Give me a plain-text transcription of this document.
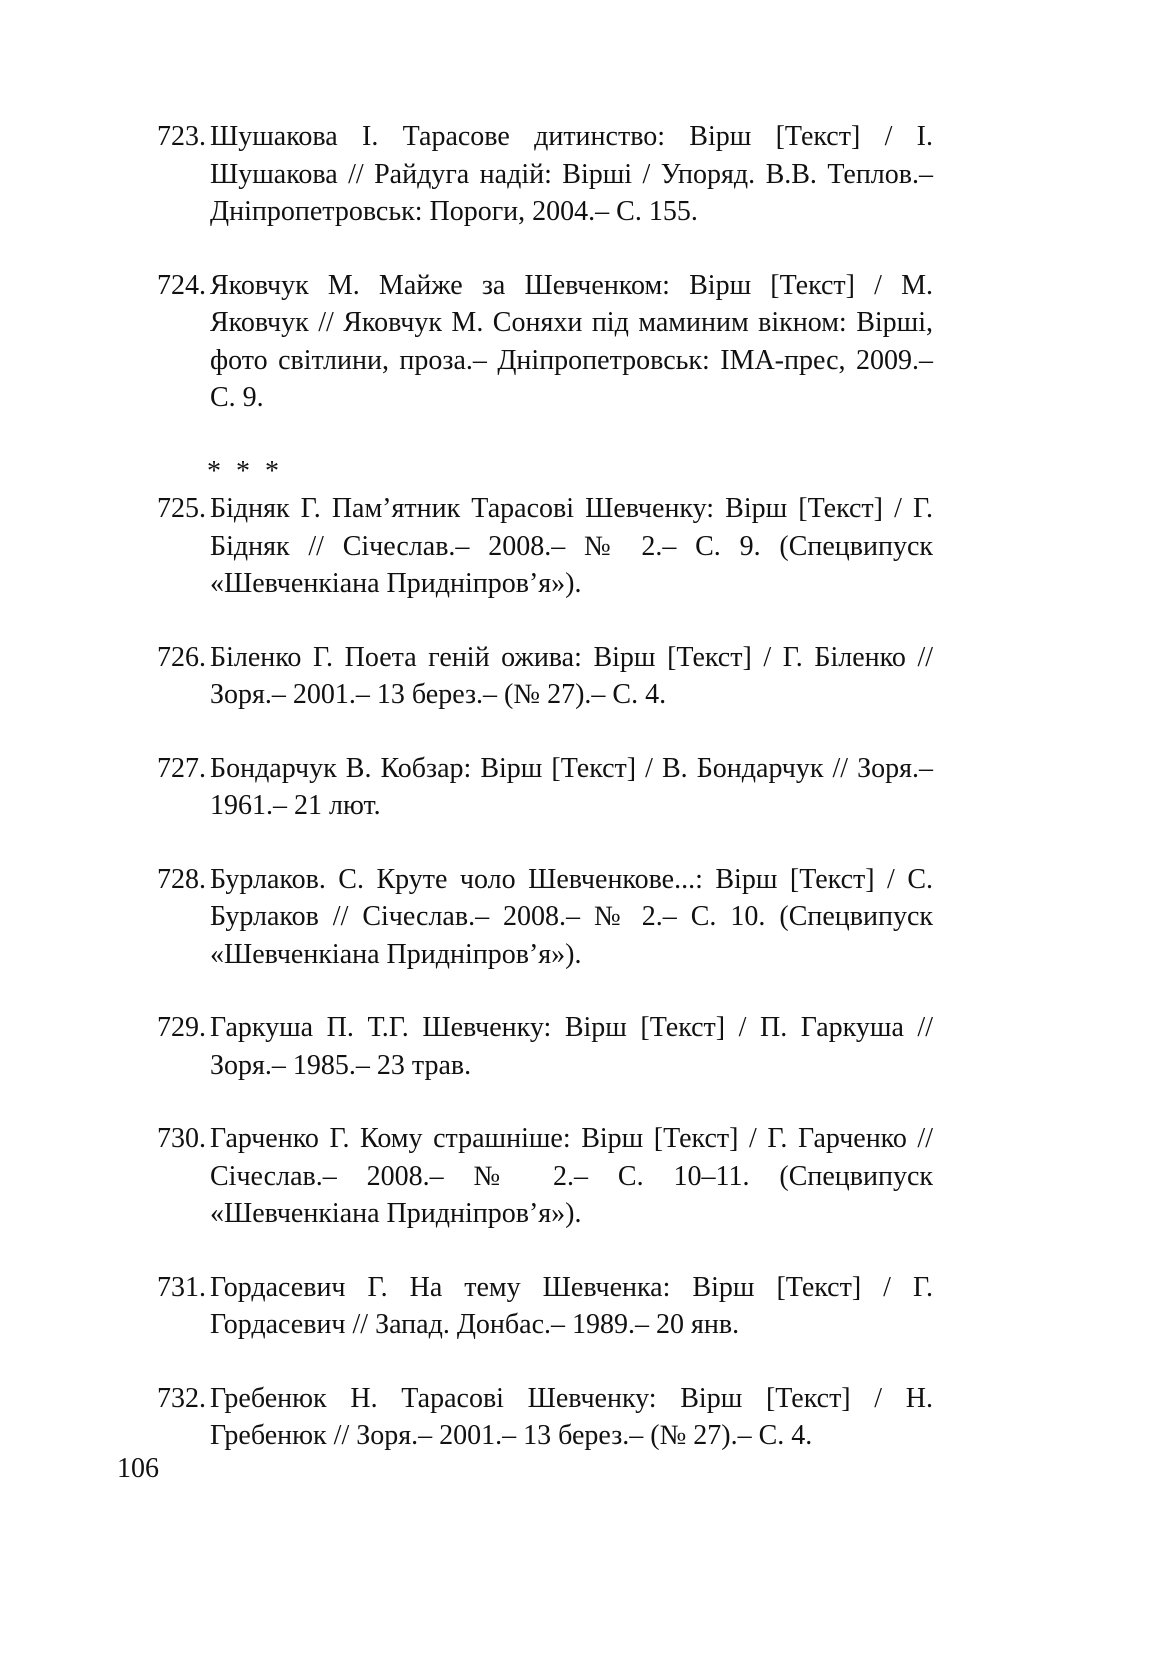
723. Шушакова І. Тарасове дитинство: Вірш [Текст] / І. Шушакова // Райдуга надій: Вірші / Упоряд. В.В. Теплов.– Дніпропетровськ: Пороги, 2004.– С. 155.
724. Яковчук М. Майже за Шевченком: Вірш [Текст] / М. Яковчук // Яковчук М. Соняхи під маминим вікном: Вірші, фото світлини, проза.– Дніпропетровськ: ІМА-прес, 2009.– С. 9.
* * *
725. Бідняк Г. Пам’ятник Тарасові Шевченку: Вірш [Текст] / Г. Бідняк // Січеслав.– 2008.– № 2.– С. 9. (Спецвипуск «Шевченкіана Придніпров’я»).
726. Біленко Г. Поета геній ожива: Вірш [Текст] / Г. Біленко // Зоря.– 2001.– 13 берез.– (№ 27).– С. 4.
727. Бондарчук В. Кобзар: Вірш [Текст] / В. Бондарчук // Зоря.– 1961.– 21 лют.
728. Бурлаков. С. Круте чоло Шевченкове...: Вірш [Текст] / С. Бурлаков // Січеслав.– 2008.– № 2.– С. 10. (Спецвипуск «Шевченкіана Придніпров’я»).
729. Гаркуша П. Т.Г. Шевченку: Вірш [Текст] / П. Гаркуша // Зоря.– 1985.– 23 трав.
730. Гарченко Г. Кому страшніше: Вірш [Текст] / Г. Гарченко // Січеслав.– 2008.– № 2.– С. 10–11. (Спецвипуск «Шевченкіана Придніпров’я»).
731. Гордасевич Г. На тему Шевченка: Вірш [Текст] / Г. Гордасевич // Запад. Донбас.– 1989.– 20 янв.
732. Гребенюк Н. Тарасові Шевченку: Вірш [Текст] / Н. Гребенюк // Зоря.– 2001.– 13 берез.– (№ 27).– С. 4.
106
